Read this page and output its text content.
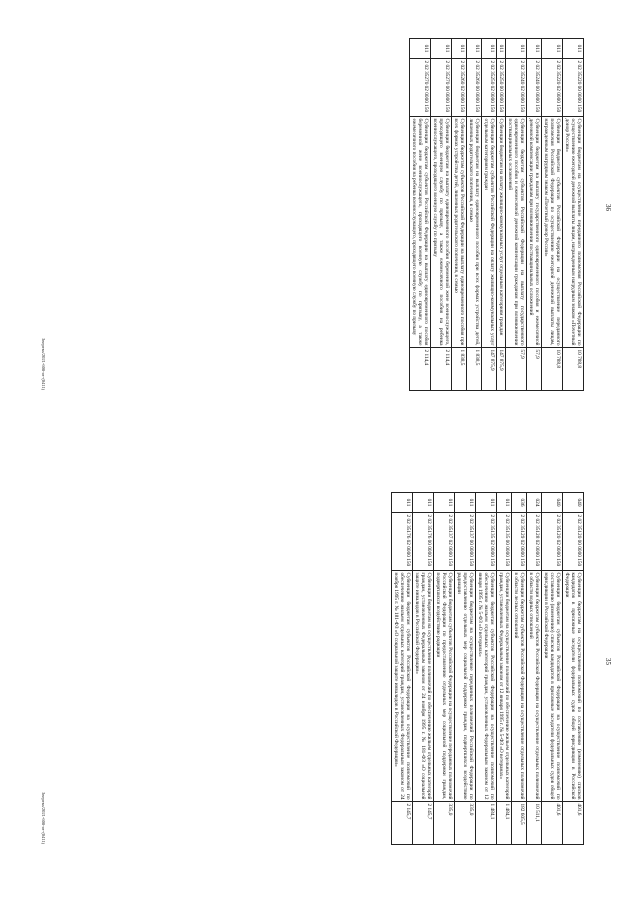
36
011
2 02 35220 00 0000 150
Субвенции бюджетам на осуществление переданного полномочия Российской Федерации по осуществлению ежегодной денежной выплаты лицам, награжденным нагрудным знаком «Почетный донор России»
10 788,8
011
2 02 35220 02 0000 150
Субвенции бюджетам субъектов Российской Федерации на осуществление переданного полномочия Российской Федерации по осуществлению ежегодной денежной выплаты лицам, награжденным нагрудным знаком «Почетный донор России»
10 788,8
011
2 02 35240 00 0000 150
Субвенции бюджетам на выплату государственного единовременного пособия и ежемесячной денежной компенсации гражданам при возникновении поствакцинальных осложнений
57,9
011
2 02 35240 02 0000 150
Субвенции бюджетам субъектов Российской Федерации на выплату государственного единовременного пособия и ежемесячной денежной компенсации гражданам при возникновении поствакцинальных осложнений
57,9
011
2 02 35250 00 0000 150
Субвенции бюджетам на оплату жилищно-коммунальных услуг отдельным категориям граждан
147 875,9
011
2 02 35250 02 0000 150
Субвенции бюджетам субъектов Российской Федерации на оплату жилищно-коммунальных услуг отдельным категориям граждан
147 875,9
011
2 02 35260 00 0000 150
Субвенции бюджетам на выплату единовременного пособия при всех формах устройства детей, лишенных родительского попечения, в семью
1 838,5
011
2 02 35260 02 0000 150
Субвенции бюджетам субъектов Российской Федерации на выплату единовременного пособия при всех формах устройства детей, лишенных родительского попечения, в семью
1 838,5
011
2 02 35270 00 0000 150
Субвенции бюджетам на выплату единовременного пособия беременной жене военнослужащего, проходящего военную службу по призыву, а также ежемесячного пособия на ребенка военнослужащего, проходящего военную службу по призыву
2 114,4
011
2 02 35270 02 0000 150
Субвенции бюджетам субъектов Российской Федерации на выплату единовременного пособия беременной жене военнослужащего, проходящего военную службу по призыву, а также ежемесячного пособия на ребенка военнослужащего, проходящего военную службу по призыву
2 114,4
Зверева/2021-608-от-(0411)
35
040
2 02 35120 00 0000 150
Субвенции бюджетам на осуществление полномочий по составлению (изменению) списков кандидатов в присяжные заседатели федеральных судов общей юрисдикции в Российской Федерации
401,6
040
2 02 35120 02 0000 150
Субвенции бюджетам субъектов Российской Федерации на осуществление полномочий по составлению (изменению) списков кандидатов в присяжные заседатели федеральных судов общей юрисдикции в Российской Федерации
401,6
024
2 02 35128 02 0000 150
Субвенции бюджетам субъектов Российской Федерации на осуществление отдельных полномочий в области водных отношений
10 511,1
036
2 02 35129 02 0000 150
Субвенции бюджетам субъектов Российской Федерации на осуществление отдельных полномочий в области лесных отношений
182 605,5
011
2 02 35135 00 0000 150
Субвенции бюджетам на осуществление полномочий по обеспечению жильем отдельных категорий граждан, установленных Федеральным законом от 12 января 1995 г. № 5-ФЗ «О ветеранах»
1 484,1
011
2 02 35135 02 0000 150
Субвенции бюджетам субъектов Российской Федерации на осуществление полномочий по обеспечению жильем отдельных категорий граждан, установленных Федеральным законом от 12 января 1995 г. № 5-ФЗ «О ветеранах»
1 484,1
011
2 02 35137 00 0000 150
Субвенции бюджетам на осуществление переданных полномочий Российской Федерации по предоставлению отдельных мер социальной поддержки граждан, подвергшихся воздействию радиации
335,0
011
2 02 35137 02 0000 150
Субвенции бюджетам субъектов Российской Федерации на осуществление переданных полномочий Российской Федерации по предоставлению отдельных мер социальной поддержки граждан, подвергшихся воздействию радиации
335,0
011
2 02 35176 00 0000 150
Субвенции бюджетам на осуществление полномочий по обеспечению жильем отдельных категорий граждан, установленных Федеральным законом от 24 ноября 1995 г. № 181-ФЗ «О социальной защите инвалидов в Российской Федерации»
2 145,7
011
2 02 35176 02 0000 150
Субвенции бюджетам субъектов Российской Федерации на осуществление полномочий по обеспечению жильем отдельных категорий граждан, установленных Федеральным законом от 24 ноября 1995 г. № 181-ФЗ «О социальной защите инвалидов в Российской Федерации»
2 145,7
Зверева/2021-608-от-(0411)
